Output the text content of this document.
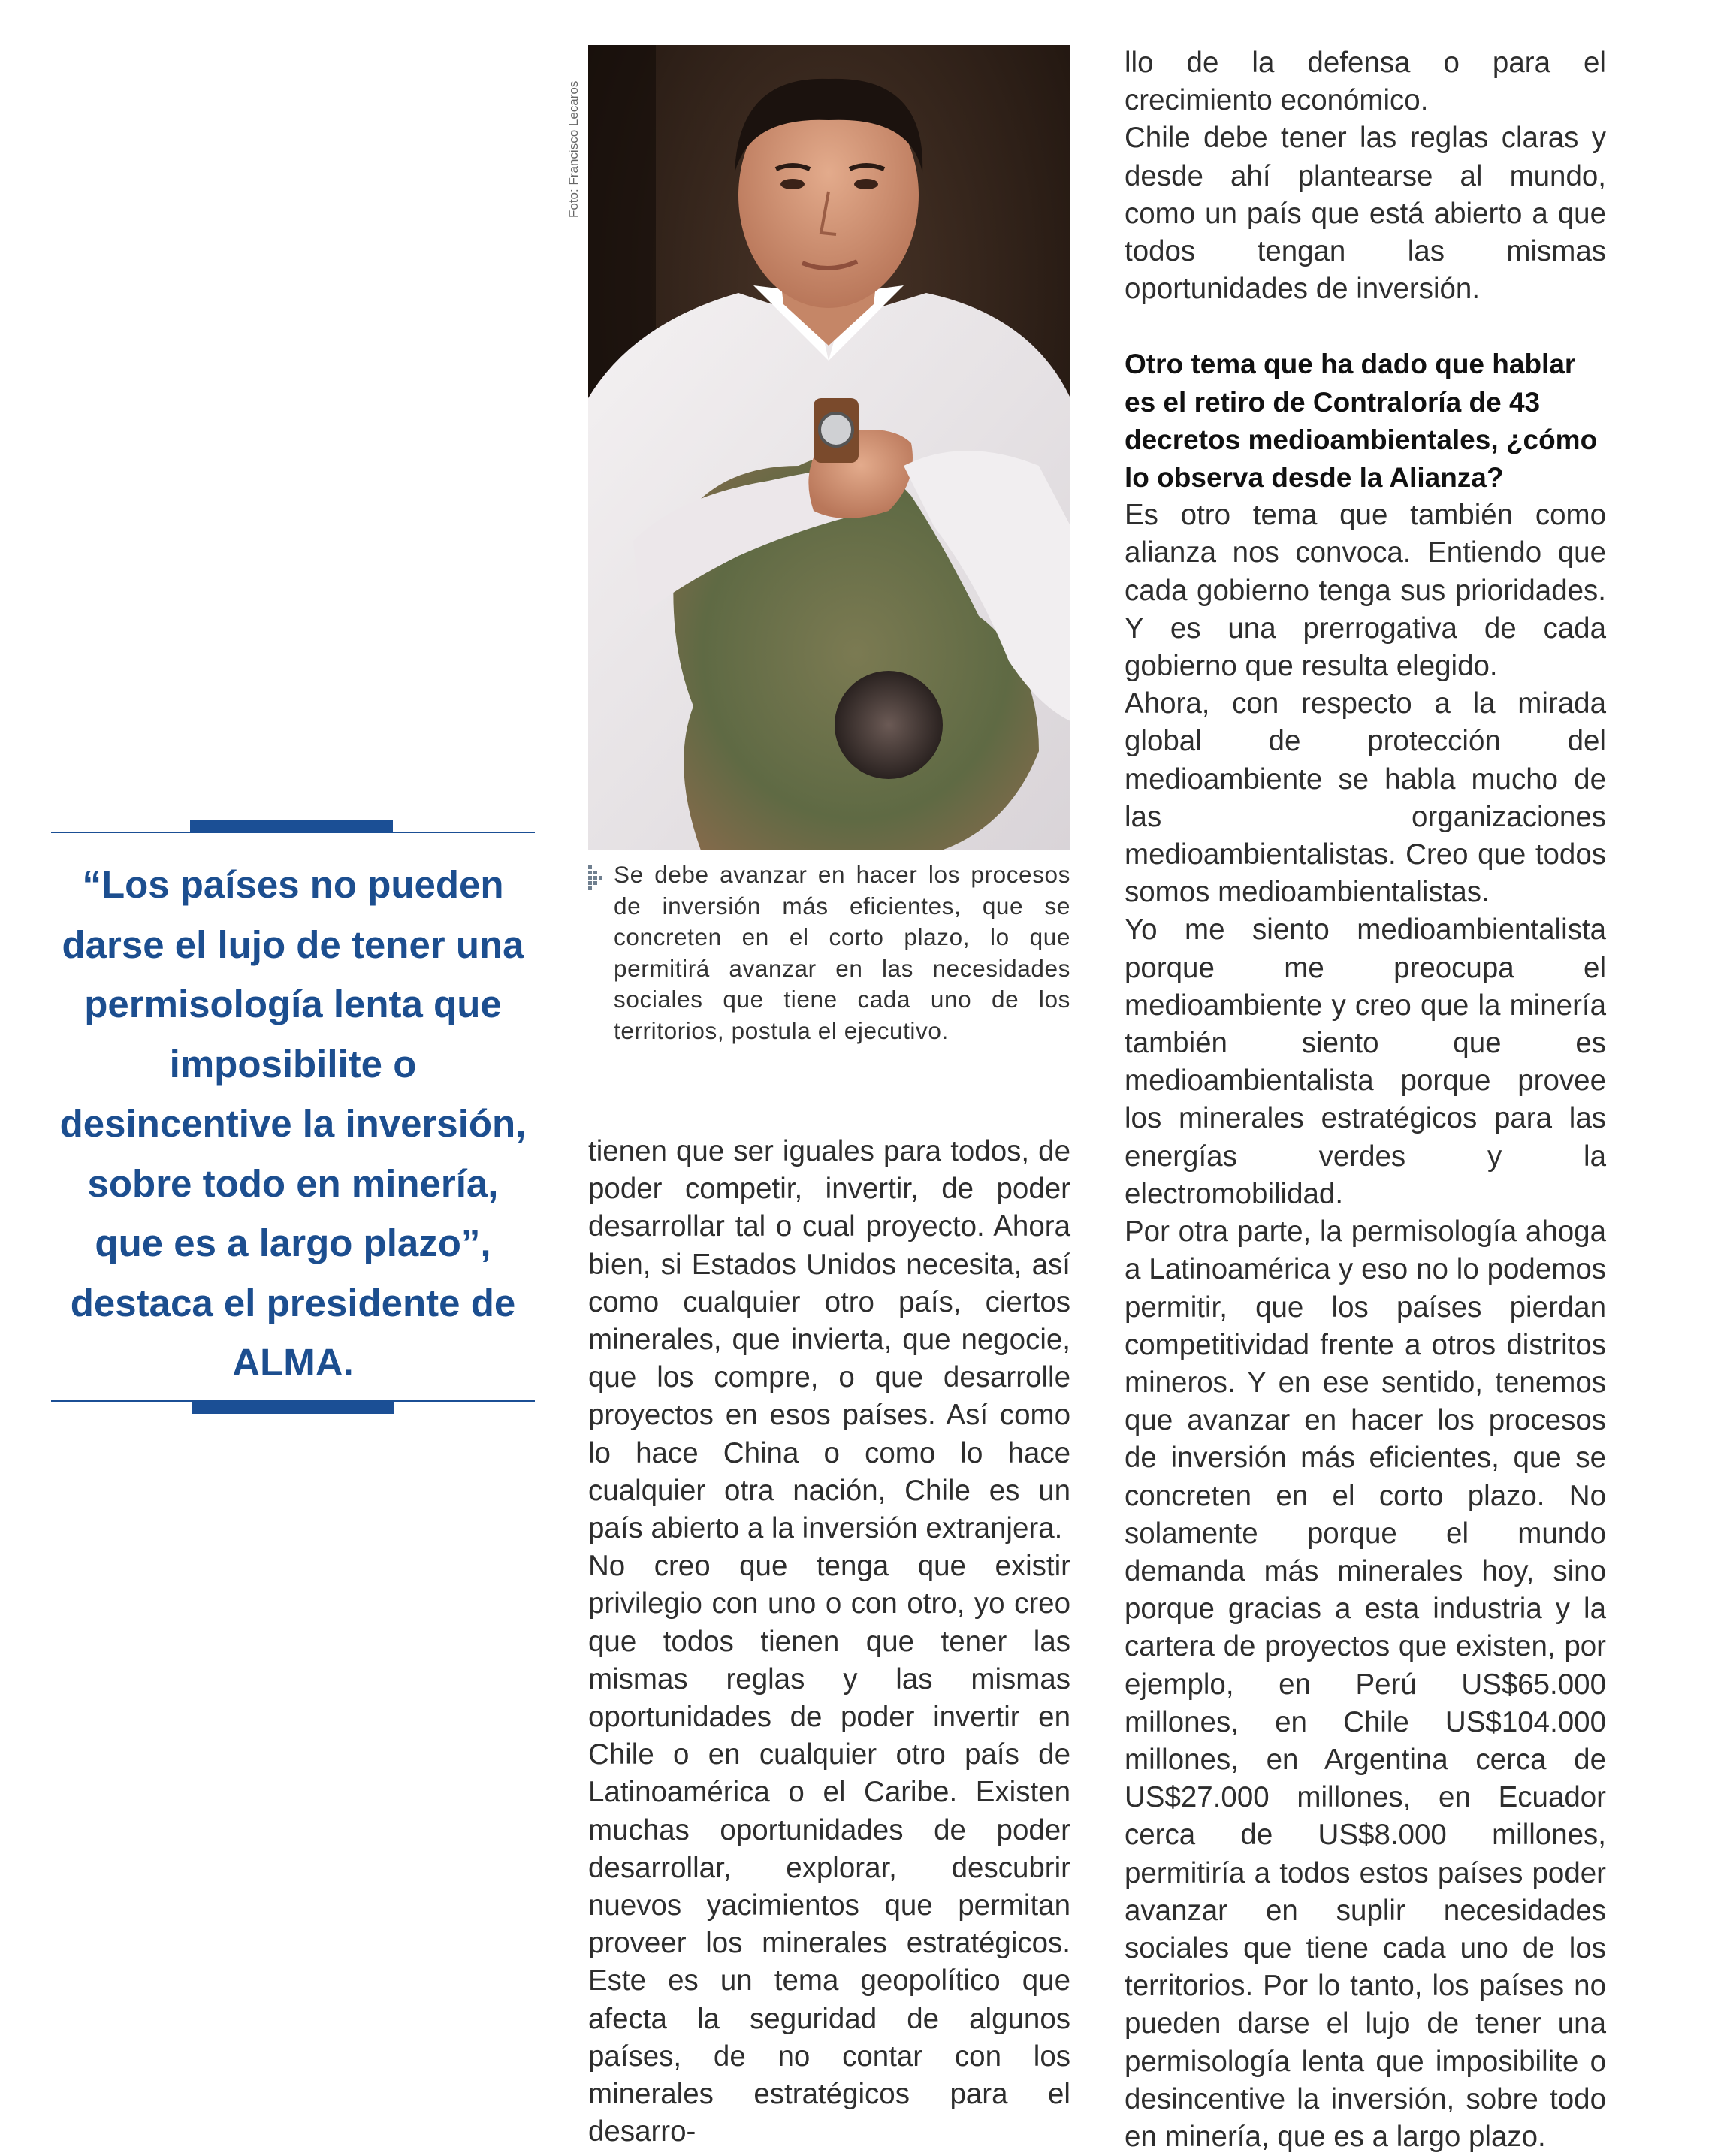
“Los países no pueden darse el lujo de tener una permisología lenta que imposibilite o desincentive la inversión, sobre todo en minería, que es a largo plazo”, destaca el presidente de ALMA.
Foto: Francisco Lecaros
Se debe avanzar en hacer los procesos de inversión más eficientes, que se concreten en el corto plazo, lo que permitirá avanzar en las necesidades sociales que tiene cada uno de los territorios, postula el ejecutivo.

tienen que ser iguales para todos, de poder competir, invertir, de poder desarrollar tal o cual proyecto. Ahora bien, si Estados Unidos necesita, así como cualquier otro país, ciertos minerales, que invierta, que negocie, que los compre, o que desarrolle proyectos en esos países. Así como lo hace China o como lo hace cualquier otra nación, Chile es un país abierto a la inversión extranjera.

No creo que tenga que existir privilegio con uno o con otro, yo creo que todos tienen que tener las mismas reglas y las mismas oportunidades de poder invertir en Chile o en cualquier otro país de Latinoamérica o el Caribe. Existen muchas oportunidades de poder desarrollar, explorar, descubrir nuevos yacimientos que permitan proveer los minerales estratégicos. Este es un tema geopolítico que afecta la seguridad de algunos países, de no contar con los minerales estratégicos para el desarro-

llo de la defensa o para el crecimiento económico.

Chile debe tener las reglas claras y desde ahí plantearse al mundo, como un país que está abierto a que todos tengan las mismas oportunidades de inversión.

Otro tema que ha dado que hablar es el retiro de Contraloría de 43 decretos medioambientales, ¿cómo lo observa desde la Alianza?

Es otro tema que también como alianza nos convoca. Entiendo que cada gobierno tenga sus prioridades. Y es una prerrogativa de cada gobierno que resulta elegido.

Ahora, con respecto a la mirada global de protección del medioambiente se habla mucho de las organizaciones medioambientalistas. Creo que todos somos medioambientalistas.

Yo me siento medioambientalista porque me preocupa el medioambiente y creo que la minería también siento que es medioambientalista porque provee los minerales estratégicos para las energías verdes y la electromobilidad.

Por otra parte, la permisología ahoga a Latinoamérica y eso no lo podemos permitir, que los países pierdan competitividad frente a otros distritos mineros. Y en ese sentido, tenemos que avanzar en hacer los procesos de inversión más eficientes, que se concreten en el corto plazo. No solamente porque el mundo demanda más minerales hoy, sino porque gracias a esta industria y la cartera de proyectos que existen, por ejemplo, en Perú US$65.000 millones, en Chile US$104.000 millones, en Argentina cerca de US$27.000 millones, en Ecuador cerca de US$8.000 millones, permitiría a todos estos países poder avanzar en suplir necesidades sociales que tiene cada uno de los territorios. Por lo tanto, los países no pueden darse el lujo de tener una permisología lenta que imposibilite o desincentive la inversión, sobre todo en minería, que es a largo plazo.
